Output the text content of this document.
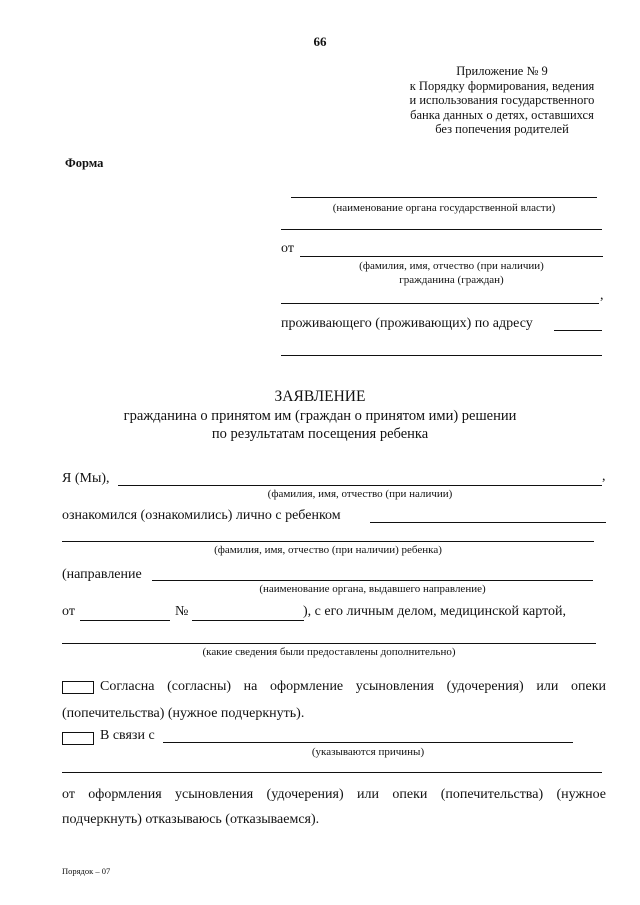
66
Приложение № 9
к Порядку формирования, ведения
и использования государственного
банка данных о детях, оставшихся
без попечения родителей
Форма
(наименование органа государственной власти)
от
(фамилия, имя, отчество (при наличии)
гражданина (граждан)
,
проживающего (проживающих) по адресу
ЗАЯВЛЕНИЕ
гражданина о принятом им (граждан о принятом ими) решении
по результатам посещения ребенка
Я (Мы),	,
(фамилия, имя, отчество (при наличии)
ознакомился (ознакомились) лично с ребенком
(фамилия, имя, отчество (при наличии) ребенка)
(направление
(наименование органа, выдавшего направление)
от	№	), с его личным делом, медицинской картой,
(какие сведения были предоставлены дополнительно)
Согласна (согласны) на оформление усыновления (удочерения) или опеки
(попечительства) (нужное подчеркнуть).
В связи с
(указываются причины)
от оформления усыновления (удочерения) или опеки (попечительства) (нужное
подчеркнуть) отказываюсь (отказываемся).
Порядок – 07
